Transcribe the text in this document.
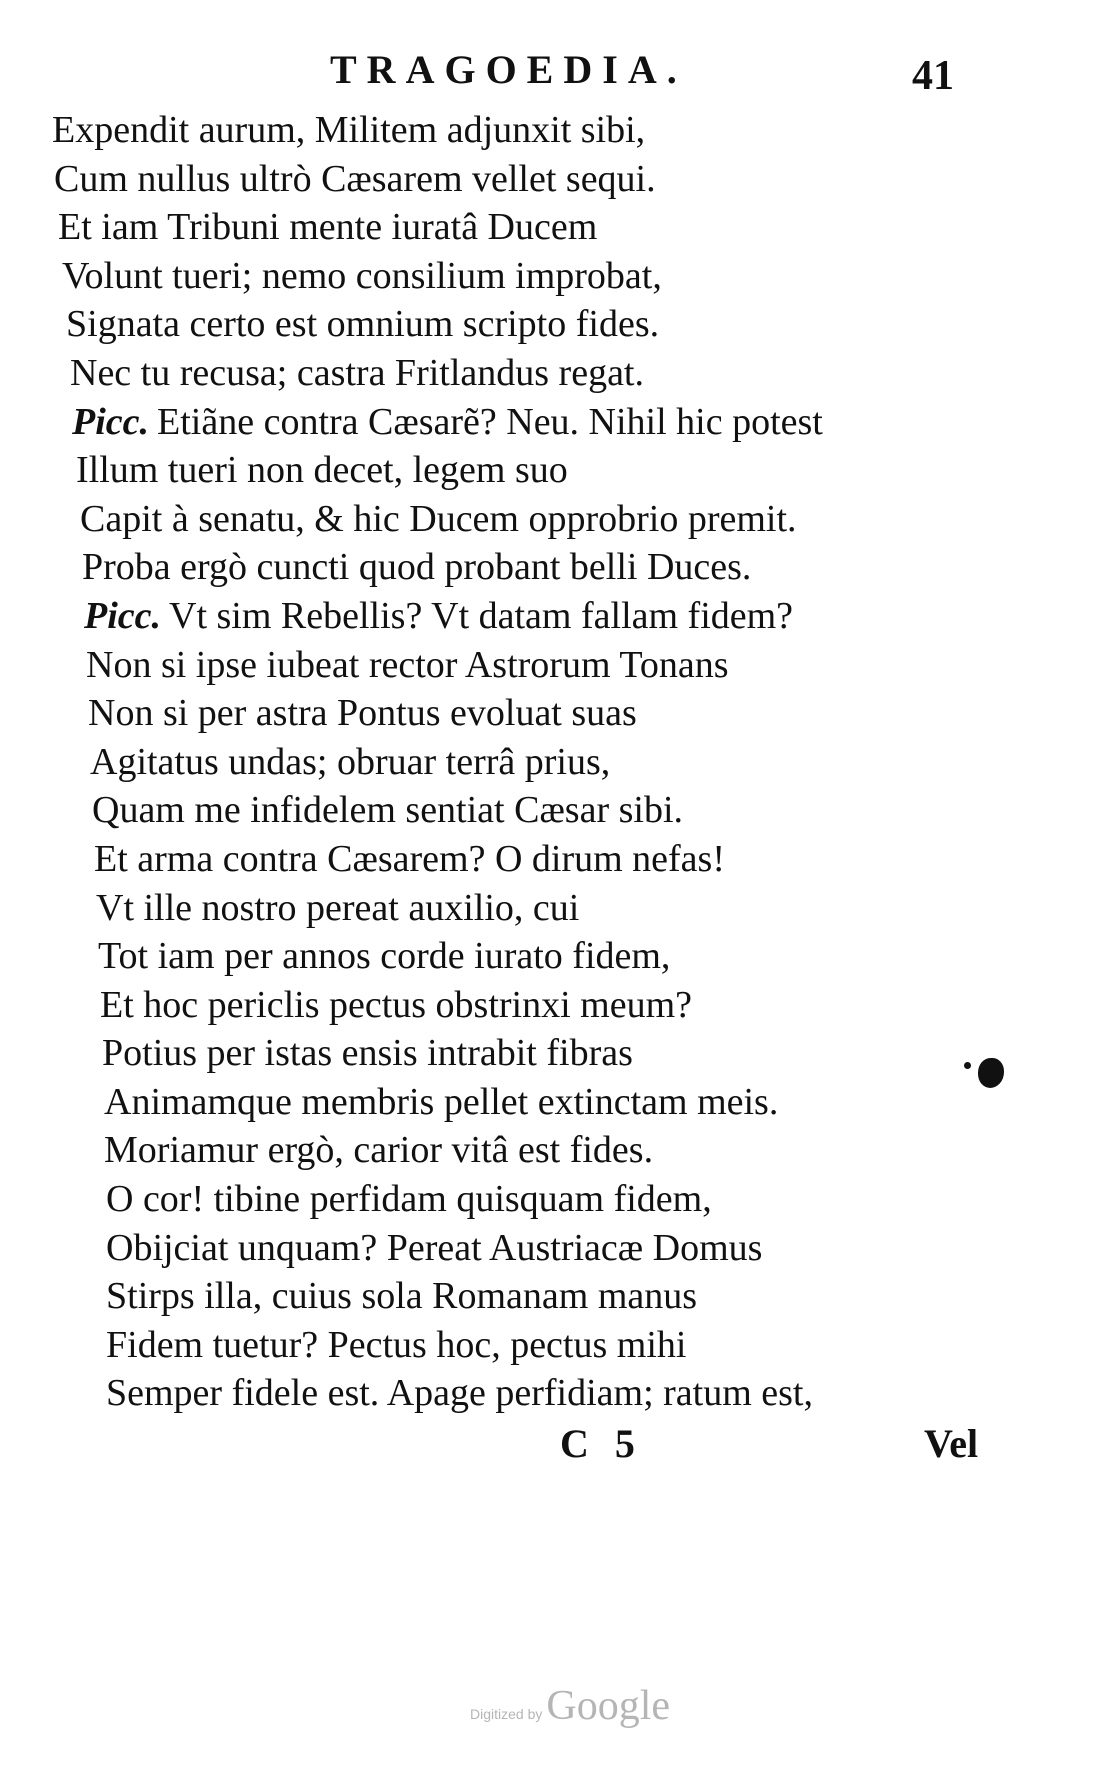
TRAGOEDIA.	41
Expendit aurum, Militem adjunxit sibi,
Cum nullus ultrò Cæsarem vellet sequi.
Et iam Tribuni mente iuratâ Ducem
Volunt tueri; nemo consilium improbat,
Signata certo est omnium scripto fides.
Nec tu recusa; castra Fritlandus regat.
Picc. Etiãne contra Cæsarẽ? Neu. Nihil hic potest
Illum tueri non decet, legem suo
Capit à senatu, & hic Ducem opprobrio premit.
Proba ergò cuncti quod probant belli Duces.
Picc. Vt sim Rebellis? Vt datam fallam fidem?
Non si ipse iubeat rector Astrorum Tonans
Non si per astra Pontus evoluat suas
Agitatus undas; obruar terrâ prius,
Quam me infidelem sentiat Cæsar sibi.
Et arma contra Cæsarem? O dirum nefas!
Vt ille nostro pereat auxilio, cui
Tot iam per annos corde iurato fidem,
Et hoc periclis pectus obstrinxi meum?
Potius per istas ensis intrabit fibras
Animamque membris pellet extinctam meis.
Moriamur ergò, carior vitâ est fides.
O cor! tibine perfidam quisquam fidem,
Obijciat unquam? Pereat Austriacæ Domus
Stirps illa, cuius sola Romanam manus
Fidem tuetur? Pectus hoc, pectus mihi
Semper fidele est. Apage perfidiam; ratum est,
C 5	Vel
Digitized by Google
